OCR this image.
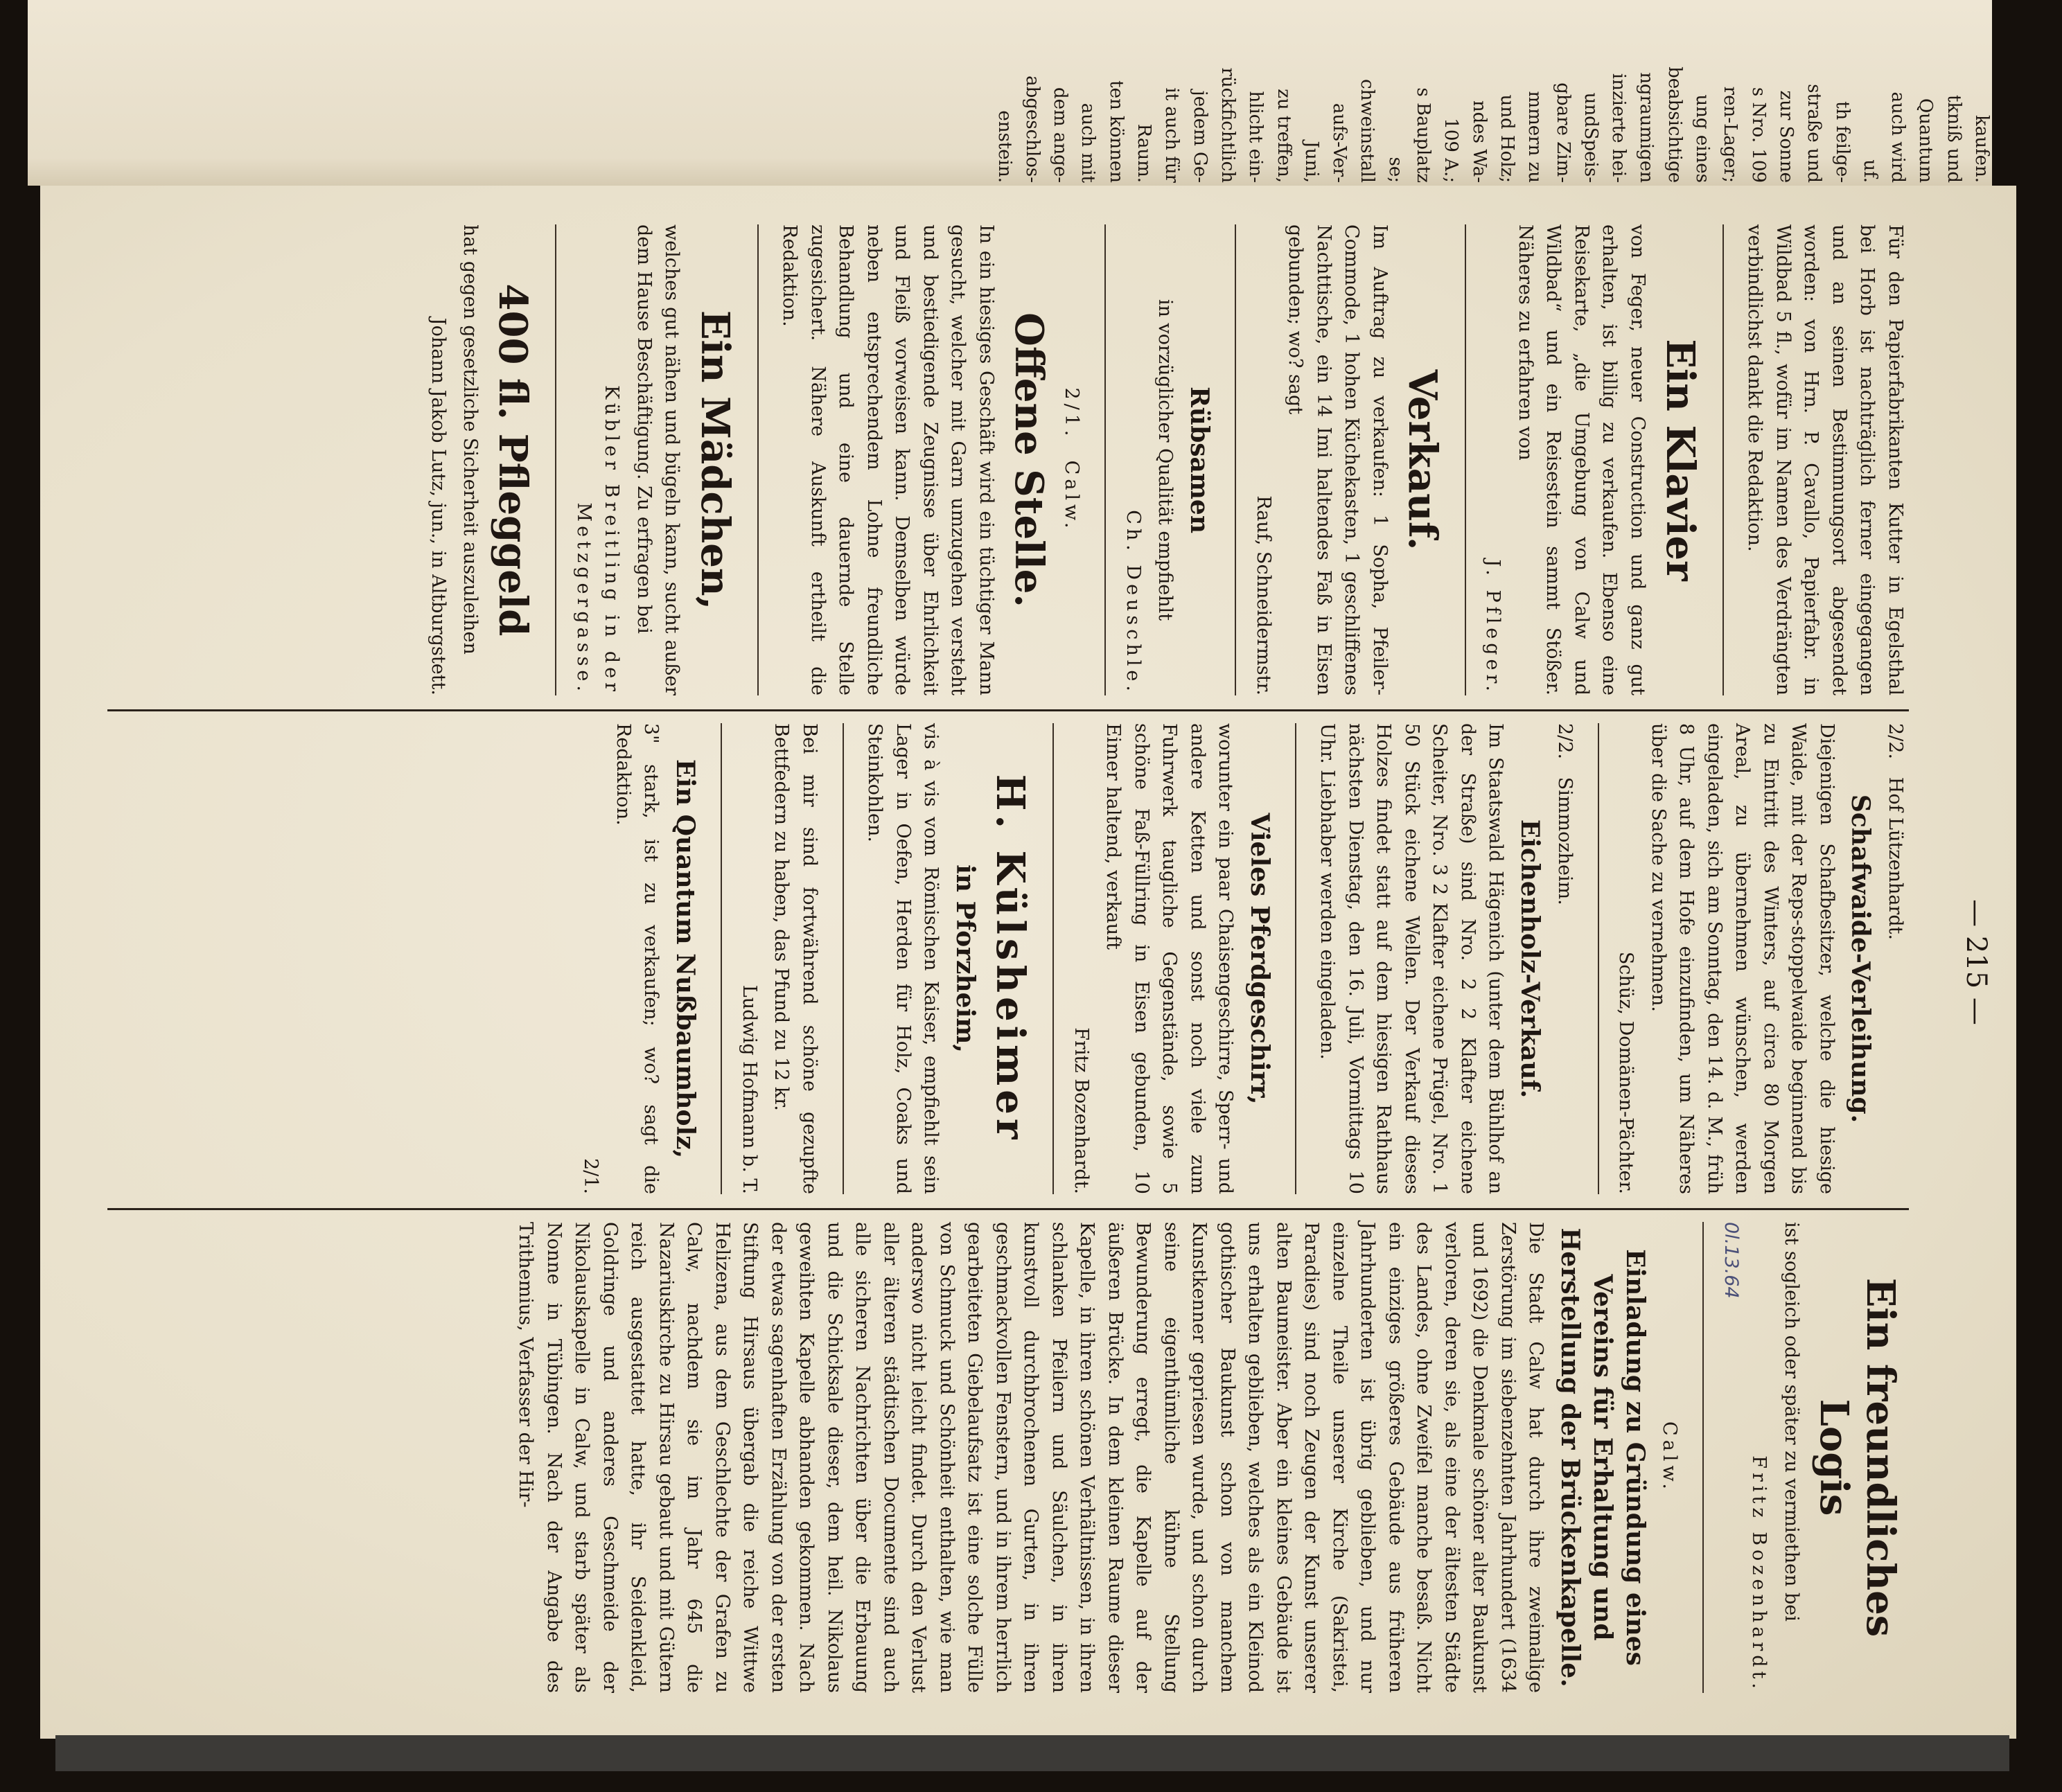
kaufen.
tkniß und
Quantum
auch wird
uf.
th feilge-
straße und
zur Sonne
s Nro. 109
ren-Lager;
ung eines
beabsichtige
ngraumigen
inzierte hei-
undSpeis-
gbare Zim-
mmern zu
und Holz;
ndes Wa-
109 A.;
s Bauplatz
se;
chweinstall
aufs-Ver-
Juni,
zu treffen,
hlicht ein-
rückfichtlich
jedem Ge-
it auch für
Raum.
ten können
auch mit
dem ange-
abgeschlos-
enstein.
— 215 —

Für den Papierfabrikanten Kutter in Egelsthal bei Horb ist nachträglich ferner eingegangen und an seinen Bestimmungsort abgesendet worden: von Hrn. P. Cavallo, Papierfabr. in Wildbad 5 fl., wofür im Namen des Verdrängten verbindlichst dankt die Redaktion.

Ein Klavier

von Feger, neuer Construction und ganz gut erhalten, ist billig zu verkaufen. Ebenso eine Reisekarte, „die Umgebung von Calw und Wildbad“ und ein Reisestein sammt Stößer. Näheres zu erfahren von

J. Pfleger.
Verkauf.

Im Auftrag zu verkaufen: 1 Sopha, Pfeiler-Commode, 1 hohen Küchekasten, 1 geschliffenes Nachttische, ein 14 Imi haltendes Faß in Eisen gebunden; wo? sagt

Rauf, Schneidermstr.
Rübsamen

in vorzüglicher Qualität empfiehlt

Ch. Deuschle.
2/1.  Calw.
Offene Stelle.

In ein hiesiges Geschäft wird ein tüchtiger Mann gesucht, welcher mit Garn umzugehen versteht und bestiedigende Zeugnisse über Ehrlichkeit und Fleiß vorweisen kann. Demselben würde neben entsprechendem Lohne freundliche Behandlung und eine dauernde Stelle zugesichert. Nähere Auskunft ertheilt die Redaktion.

Ein Mädchen,

welches gut nähen und bügeln kann, sucht außer dem Hause Beschäftigung. Zu erfragen bei

Kübler Breitling in der Metzgergasse.
400 fl. Pfleggeld

hat gegen gesetzliche Sicherheit auszuleihen

Johann Jakob Lutz, jun., in Altburgstett.
2/2.   Hof Lützenhardt.
Schafwaide-Verleihung.

Diejenigen Schafbesitzer, welche die hiesige Waide, mit der Reps-stoppelwaide beginnend bis zu Eintritt des Winters, auf circa 80 Morgen Areal, zu übernehmen wünschen, werden eingeladen, sich am Sonntag, den 14. d. M., früh 8 Uhr, auf dem Hofe einzufinden, um Näheres über die Sache zu vernehmen.

Schüz, Domänen-Pächter.
2/2.   Simmozheim.
Eichenholz-Verkauf.

Im Staatswald Hägenich (unter dem Bühlhof an der Straße) sind Nro. 2 2 Klafter eichene Scheiter, Nro. 3 2 Klafter eichene Prügel, Nro. 1 50 Stück eichene Wellen. Der Verkauf dieses Holzes findet statt auf dem hiesigen Rathhaus nächsten Dienstag, den 16. Juli, Vormittags 10 Uhr. Liebhaber werden eingeladen.

Vieles Pferdgeschirr,

worunter ein paar Chaisengeschirre, Sperr- und andere Ketten und sonst noch viele zum Fuhrwerk taugliche Gegenstände, sowie 5 schöne Faß-Füllring in Eisen gebunden, 10 Eimer haltend, verkauft

Fritz Bozenhardt.
H. Külsheimer
in Pforzheim,

vis à vis vom Römischen Kaiser, empfiehlt sein Lager in Oefen, Herden für Holz, Coaks und Steinkohlen.

Bei mir sind fortwährend schöne gezupfte Bettfedern zu haben, das Pfund zu 12 kr.

Ludwig Hofmann b. T.
Ein Quantum Nußbaumholz,

3" stark, ist zu verkaufen; wo? sagt die Redaktion.

2/1.
Ein freundliches Logis

ist sogleich oder später zu vermiethen bei

Fritz Bozenhardt.
0l.13.64
Calw.
Einladung zu Gründung eines Vereins für Erhaltung und Herstellung der Brückenkapelle.

Die Stadt Calw hat durch ihre zweimalige Zerstörung im siebenzehnten Jahrhundert (1634 und 1692) die Denkmale schöner alter Baukunst verloren, deren sie, als eine der ältesten Städte des Landes, ohne Zweifel manche besaß. Nicht ein einziges größeres Gebäude aus früheren Jahrhunderten ist übrig geblieben, und nur einzelne Theile unserer Kirche (Sakristei, Paradies) sind noch Zeugen der Kunst unserer alten Baumeister. Aber ein kleines Gebäude ist uns erhalten geblieben, welches als ein Kleinod gothischer Baukunst schon von manchem Kunstkenner gepriesen wurde, und schon durch seine eigenthümliche kühne Stellung Bewunderung erregt, die Kapelle auf der äußeren Brücke. In dem kleinen Raume dieser Kapelle, in ihren schönen Verhältnissen, in ihren schlanken Pfeilern und Säulchen, in ihren kunstvoll durchbrochenen Gurten, in ihren geschmackvollen Fenstern, und in ihrem herrlich gearbeiteten Giebelaufsatz ist eine solche Fülle von Schmuck und Schönheit enthalten, wie man anderswo nicht leicht findet. Durch den Verlust aller älteren städtischen Documente sind auch alle sicheren Nachrichten über die Erbauung und die Schicksale dieser, dem heil. Nikolaus geweihten Kapelle abhanden gekommen. Nach der etwas sagenhaften Erzählung von der ersten Stiftung Hirsaus übergab die reiche Wittwe Helizena, aus dem Geschlechte der Grafen zu Calw, nachdem sie im Jahr 645 die Nazariuskirche zu Hirsau gebaut und mit Gütern reich ausgestattet hatte, ihr Seidenkleid, Goldringe und anderes Geschmeide der Nikolauskapelle in Calw, und starb später als Nonne in Tübingen. Nach der Angabe des Trithemius, Verfasser der Hir-
